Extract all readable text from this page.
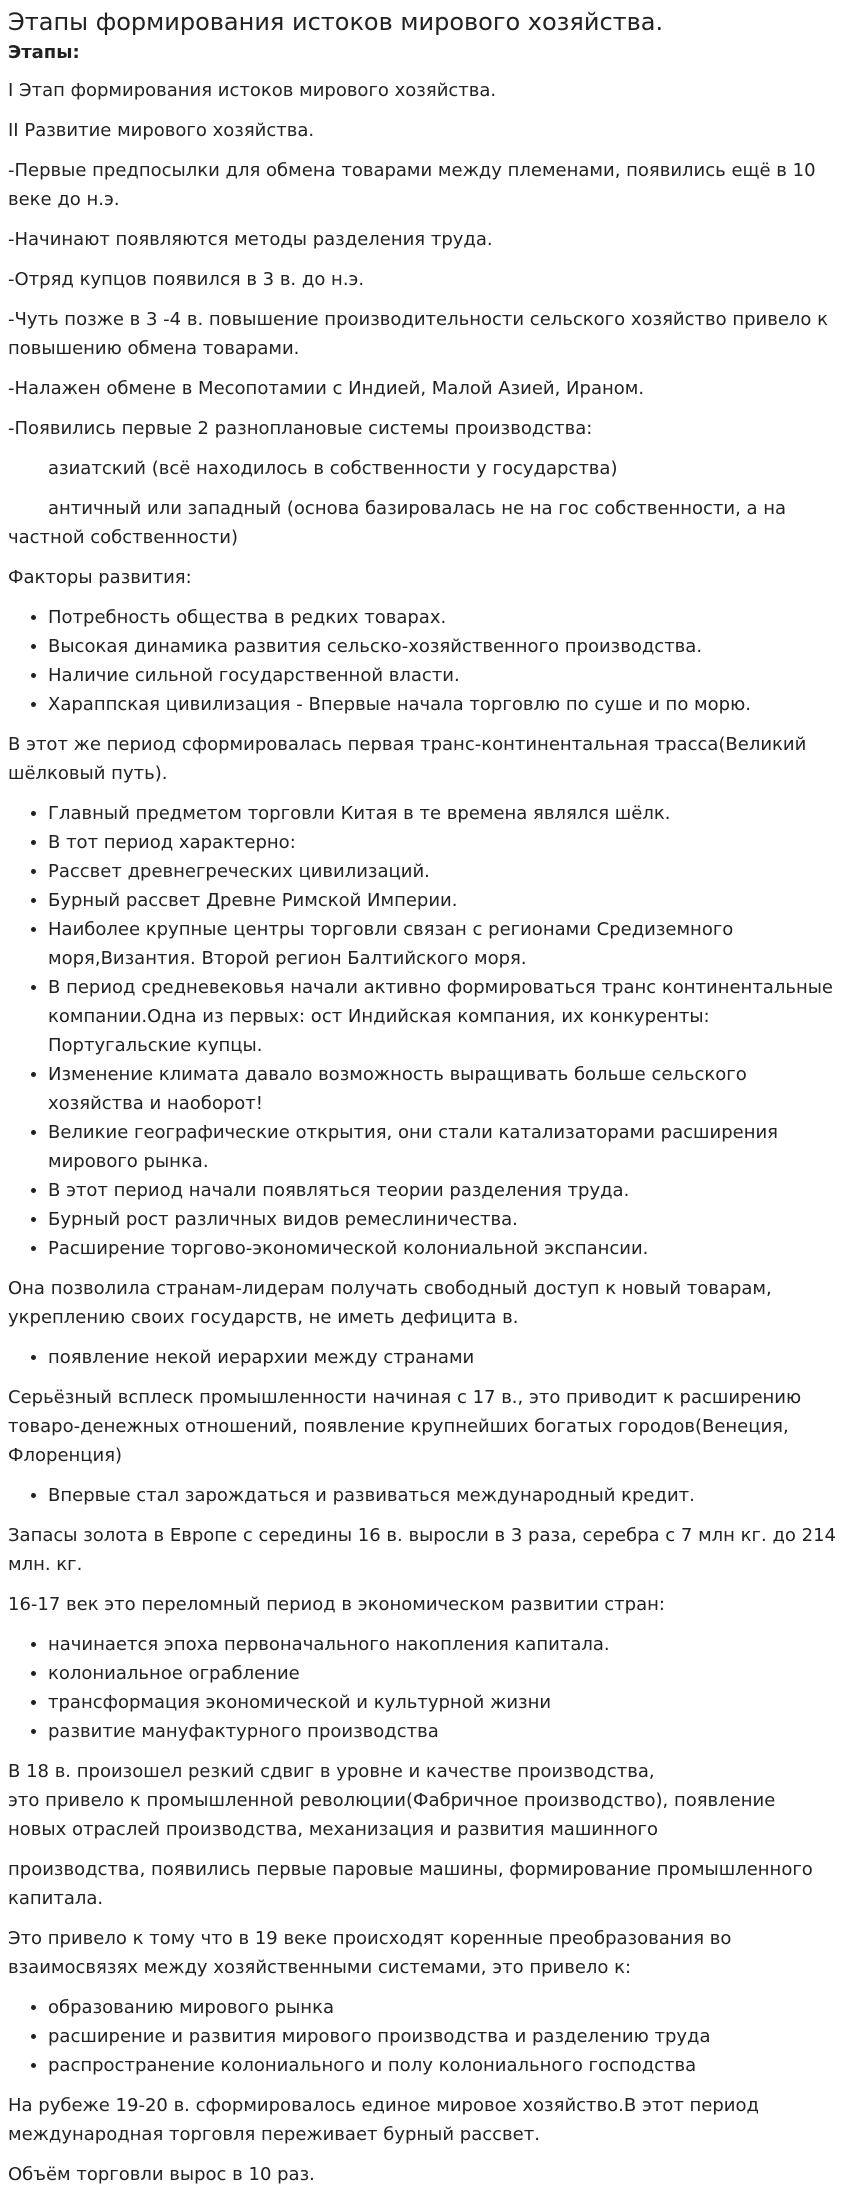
Этапы формирования истоков мирового хозяйства.
Этапы:

I Этап формирования истоков мирового хозяйства.

II Развитие мирового хозяйства.

-Первые предпосылки для обмена товарами между племенами, появились ещё в 10 веке до н.э.

-Начинают появляются методы разделения труда.

-Отряд купцов появился в 3 в. до н.э.

-Чуть позже в 3 -4 в. повышение производительности сельского хозяйство привело к повышению обмена товарами.

-Налажен обмене в Месопотамии с Индией, Малой Азией, Ираном.

-Появились первые 2 разноплановые системы производства:

азиатский (всё находилось в собственности у государства)

античный или западный (основа базировалась не на гос собственности, а на
частной собственности)

Факторы развития:

• Потребность общества в редких товарах.
• Высокая динамика развития сельско-хозяйственного производства.
• Наличие сильной государственной власти.
• Хараппская цивилизация - Впервые начала торговлю по суше и по морю.

В этот же период сформировалась первая транс-континентальная трасса(Великий шёлковый путь).

• Главный предметом торговли Китая в те времена являлся шёлк.
• В тот период характерно:
• Рассвет древнегреческих цивилизаций.
• Бурный рассвет Древне Римской Империи.
• Наиболее крупные центры торговли связан с регионами Средиземного моря,Византия. Второй регион Балтийского моря.
• В период средневековья начали активно формироваться транс континентальные компании.Одна из первых: ост Индийская компания, их конкуренты: Португальские купцы.
• Изменение климата давало возможность выращивать больше сельского хозяйства и наоборот!
• Великие географические открытия, они стали катализаторами расширения мирового рынка.
• В этот период начали появляться теории разделения труда.
• Бурный рост различных видов ремеслиничества.
• Расширение торгово-экономической колониальной экспансии.

Она позволила странам-лидерам получать свободный доступ к новый товарам, укреплению своих государств, не иметь дефицита в.

• появление некой иерархии между странами

Серьёзный всплеск промышленности начиная с 17 в., это приводит к расширению товаро-денежных отношений, появление крупнейших богатых городов(Венеция, Флоренция)

• Впервые стал зарождаться и развиваться международный кредит.

Запасы золота в Европе с середины 16 в. выросли в 3 раза, серебра с 7 млн кг. до 214 млн. кг.

16-17 век это переломный период в экономическом развитии стран:

• начинается эпоха первоначального накопления капитала.
• колониальное ограбление
• трансформация экономической и культурной жизни
• развитие мануфактурного производства

В 18 в. произошел резкий сдвиг в уровне и качестве производства,
это привело к промышленной революции(Фабричное производство), появление новых отраслей производства, механизация и развития машинного

производства, появились первые паровые машины, формирование промышленного капитала.

Это привело к тому что в 19 веке происходят коренные преобразования во взаимосвязях между хозяйственными системами, это привело к:

• образованию мирового рынка
• расширение и развития мирового производства и разделению труда
• распространение колониального и полу колониального господства

На рубеже 19-20 в. сформировалось единое мировое хозяйство.В этот период международная торговля переживает бурный рассвет.

Объём торговли вырос в 10 раз.
